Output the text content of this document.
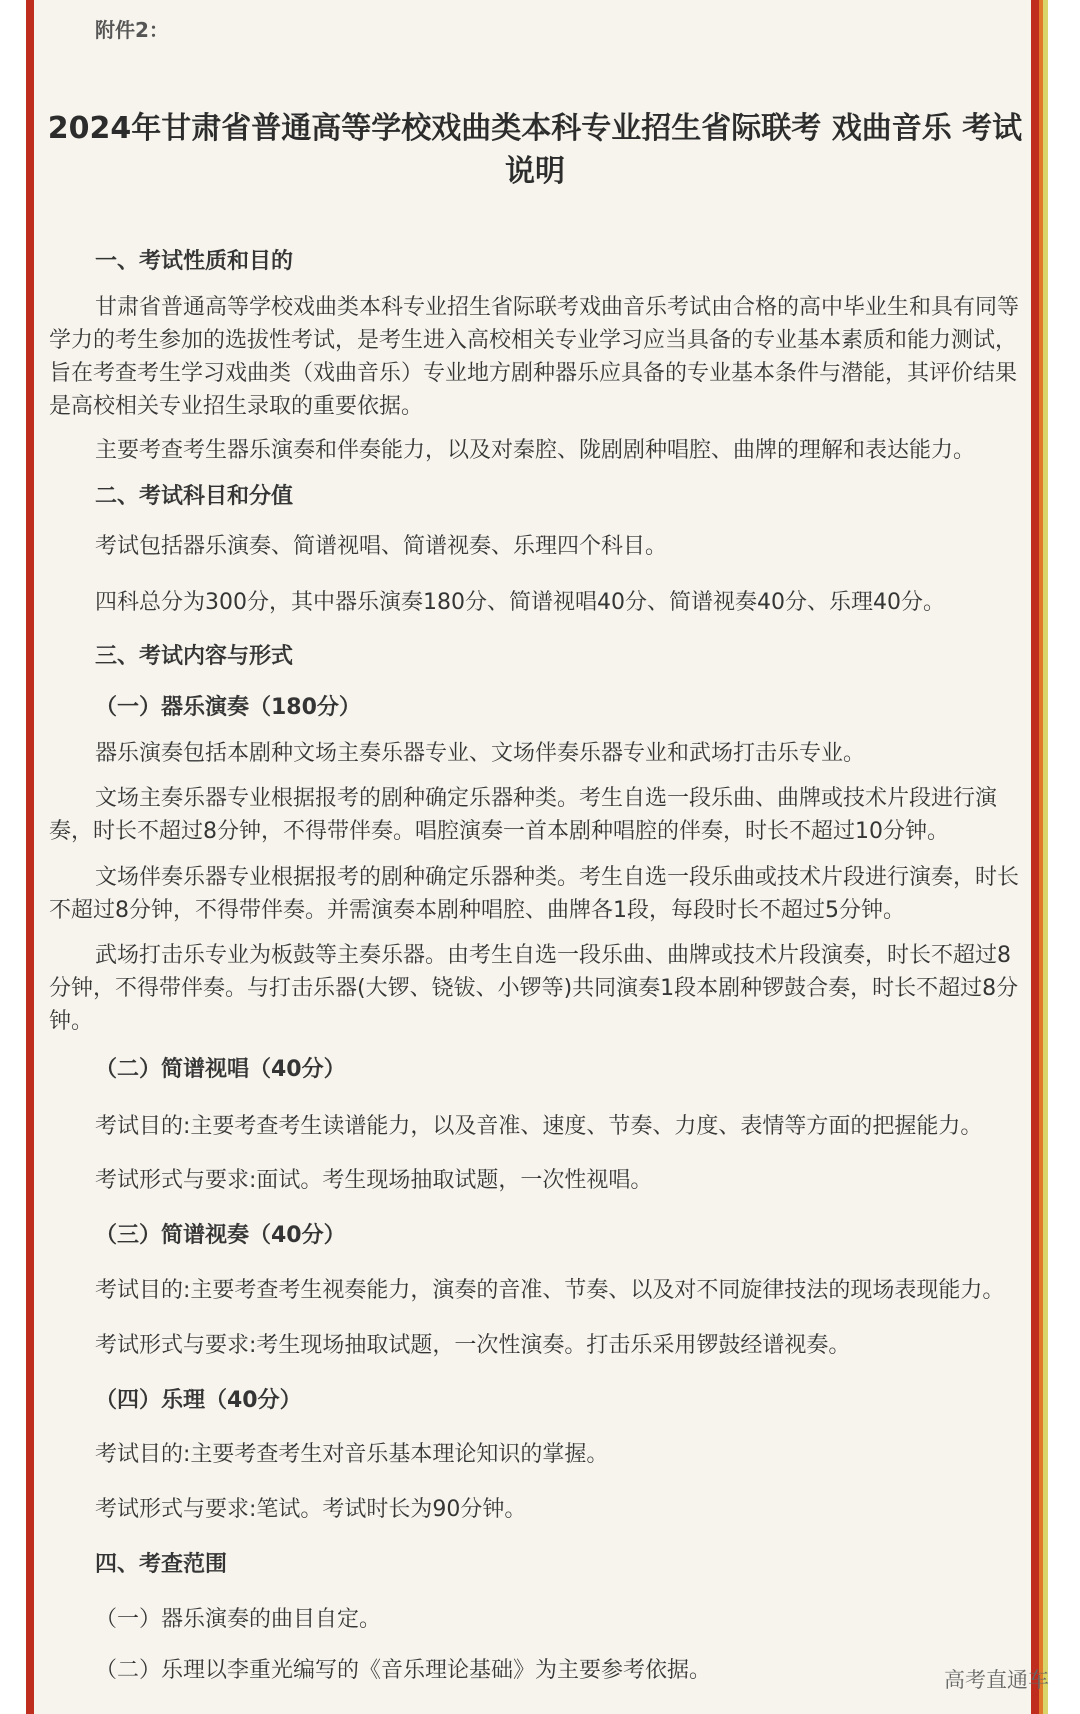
附件2：
2024年甘肃省普通高等学校戏曲类本科专业招生省际联考 戏曲音乐 考试说明
一、考试性质和目的
甘肃省普通高等学校戏曲类本科专业招生省际联考戏曲音乐考试由合格的高中毕业生和具有同等学力的考生参加的选拔性考试，是考生进入高校相关专业学习应当具备的专业基本素质和能力测试，旨在考查考生学习戏曲类（戏曲音乐）专业地方剧种器乐应具备的专业基本条件与潜能，其评价结果是高校相关专业招生录取的重要依据。
主要考查考生器乐演奏和伴奏能力，以及对秦腔、陇剧剧种唱腔、曲牌的理解和表达能力。
二、考试科目和分值
考试包括器乐演奏、简谱视唱、简谱视奏、乐理四个科目。
四科总分为300分，其中器乐演奏180分、简谱视唱40分、简谱视奏40分、乐理40分。
三、考试内容与形式
（一）器乐演奏（180分）
器乐演奏包括本剧种文场主奏乐器专业、文场伴奏乐器专业和武场打击乐专业。
文场主奏乐器专业根据报考的剧种确定乐器种类。考生自选一段乐曲、曲牌或技术片段进行演奏，时长不超过8分钟，不得带伴奏。唱腔演奏一首本剧种唱腔的伴奏，时长不超过10分钟。
文场伴奏乐器专业根据报考的剧种确定乐器种类。考生自选一段乐曲或技术片段进行演奏，时长不超过8分钟，不得带伴奏。并需演奏本剧种唱腔、曲牌各1段，每段时长不超过5分钟。
武场打击乐专业为板鼓等主奏乐器。由考生自选一段乐曲、曲牌或技术片段演奏，时长不超过8分钟，不得带伴奏。与打击乐器(大锣、铙钹、小锣等)共同演奏1段本剧种锣鼓合奏，时长不超过8分钟。
（二）简谱视唱（40分）
考试目的:主要考查考生读谱能力，以及音准、速度、节奏、力度、表情等方面的把握能力。
考试形式与要求:面试。考生现场抽取试题，一次性视唱。
（三）简谱视奏（40分）
考试目的:主要考查考生视奏能力，演奏的音准、节奏、以及对不同旋律技法的现场表现能力。
考试形式与要求:考生现场抽取试题，一次性演奏。打击乐采用锣鼓经谱视奏。
（四）乐理（40分）
考试目的:主要考查考生对音乐基本理论知识的掌握。
考试形式与要求:笔试。考试时长为90分钟。
四、考查范围
（一）器乐演奏的曲目自定。
（二）乐理以李重光编写的《音乐理论基础》为主要参考依据。	高考直通车
